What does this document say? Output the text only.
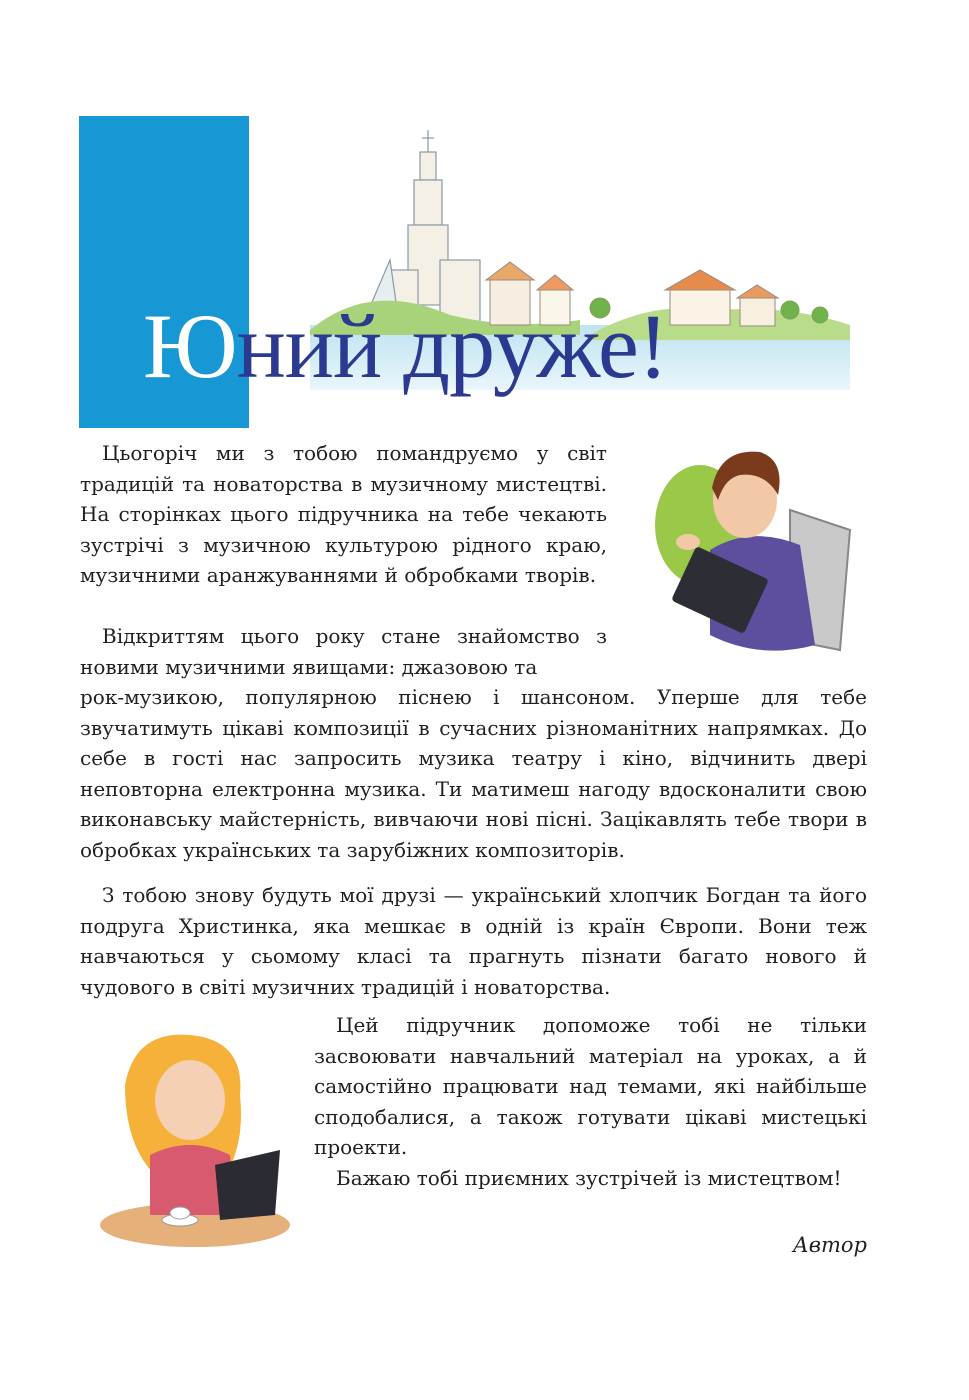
Юний друже!

Цьогоріч ми з тобою помандруємо у світ традицій та новаторства в музичному мистецтві. На сторінках цього підручника на тебе чекають зустрічі з музичною культурою рідного краю, музичними аранжуваннями й обробками творів.

Відкриттям цього року стане знайомство з новими музичними явищами: джазовою та

рок-музикою, популярною піснею і шансоном. Уперше для тебе звучатимуть цікаві композиції в сучасних різноманітних напрямках. До себе в гості нас запросить музика театру і кіно, відчинить двері неповторна електронна музика. Ти матимеш нагоду вдосконалити свою виконавську майстерність, вивчаючи нові пісні. Зацікавлять тебе твори в обробках українських та зарубіжних композиторів.

З тобою знову будуть мої друзі — український хлопчик Богдан та його подруга Христинка, яка мешкає в одній із країн Європи. Вони теж навчаються у сьомому класі та прагнуть пізнати багато нового й чудового в світі музичних традицій і новаторства.

Цей підручник допоможе тобі не тільки засвоювати навчальний матеріал на уроках, а й самостійно працювати над темами, які найбільше сподобалися, а також готувати цікаві мистецькі проекти.

Бажаю тобі приємних зустрічей із мистецтвом!

Автор
